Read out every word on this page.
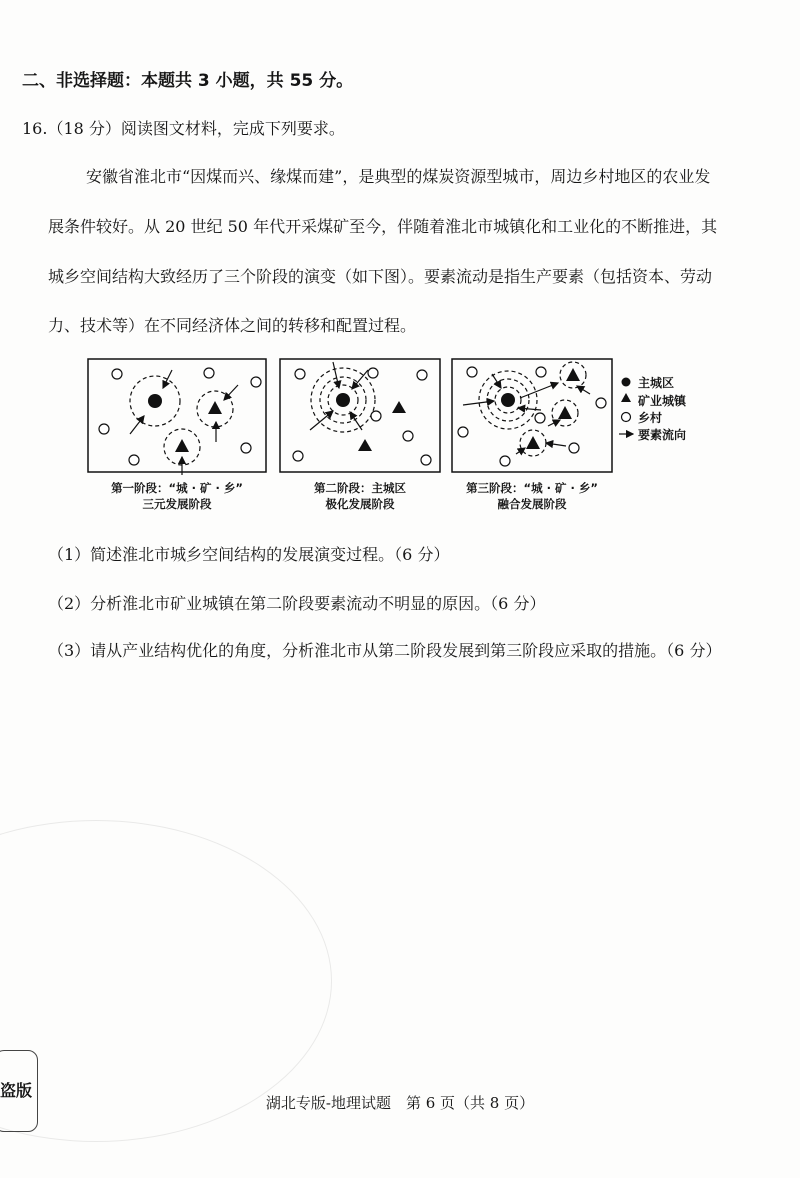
二、非选择题：本题共 3 小题，共 55 分。
16.（18 分）阅读图文材料，完成下列要求。
安徽省淮北市“因煤而兴、缘煤而建”，是典型的煤炭资源型城市，周边乡村地区的农业发
展条件较好。从 20 世纪 50 年代开采煤矿至今，伴随着淮北市城镇化和工业化的不断推进，其
城乡空间结构大致经历了三个阶段的演变（如下图）。要素流动是指生产要素（包括资本、劳动
力、技术等）在不同经济体之间的转移和配置过程。
主城区
矿业城镇
乡村
要素流向
第一阶段：“城 · 矿 · 乡”
三元发展阶段
第二阶段：主城区
极化发展阶段
第三阶段：“城 · 矿 · 乡”
融合发展阶段
（1）简述淮北市城乡空间结构的发展演变过程。（6 分）
（2）分析淮北市矿业城镇在第二阶段要素流动不明显的原因。（6 分）
（3）请从产业结构优化的角度，分析淮北市从第二阶段发展到第三阶段应采取的措施。（6 分）
盗版
湖北专版-地理试题　第 6 页（共 8 页）
